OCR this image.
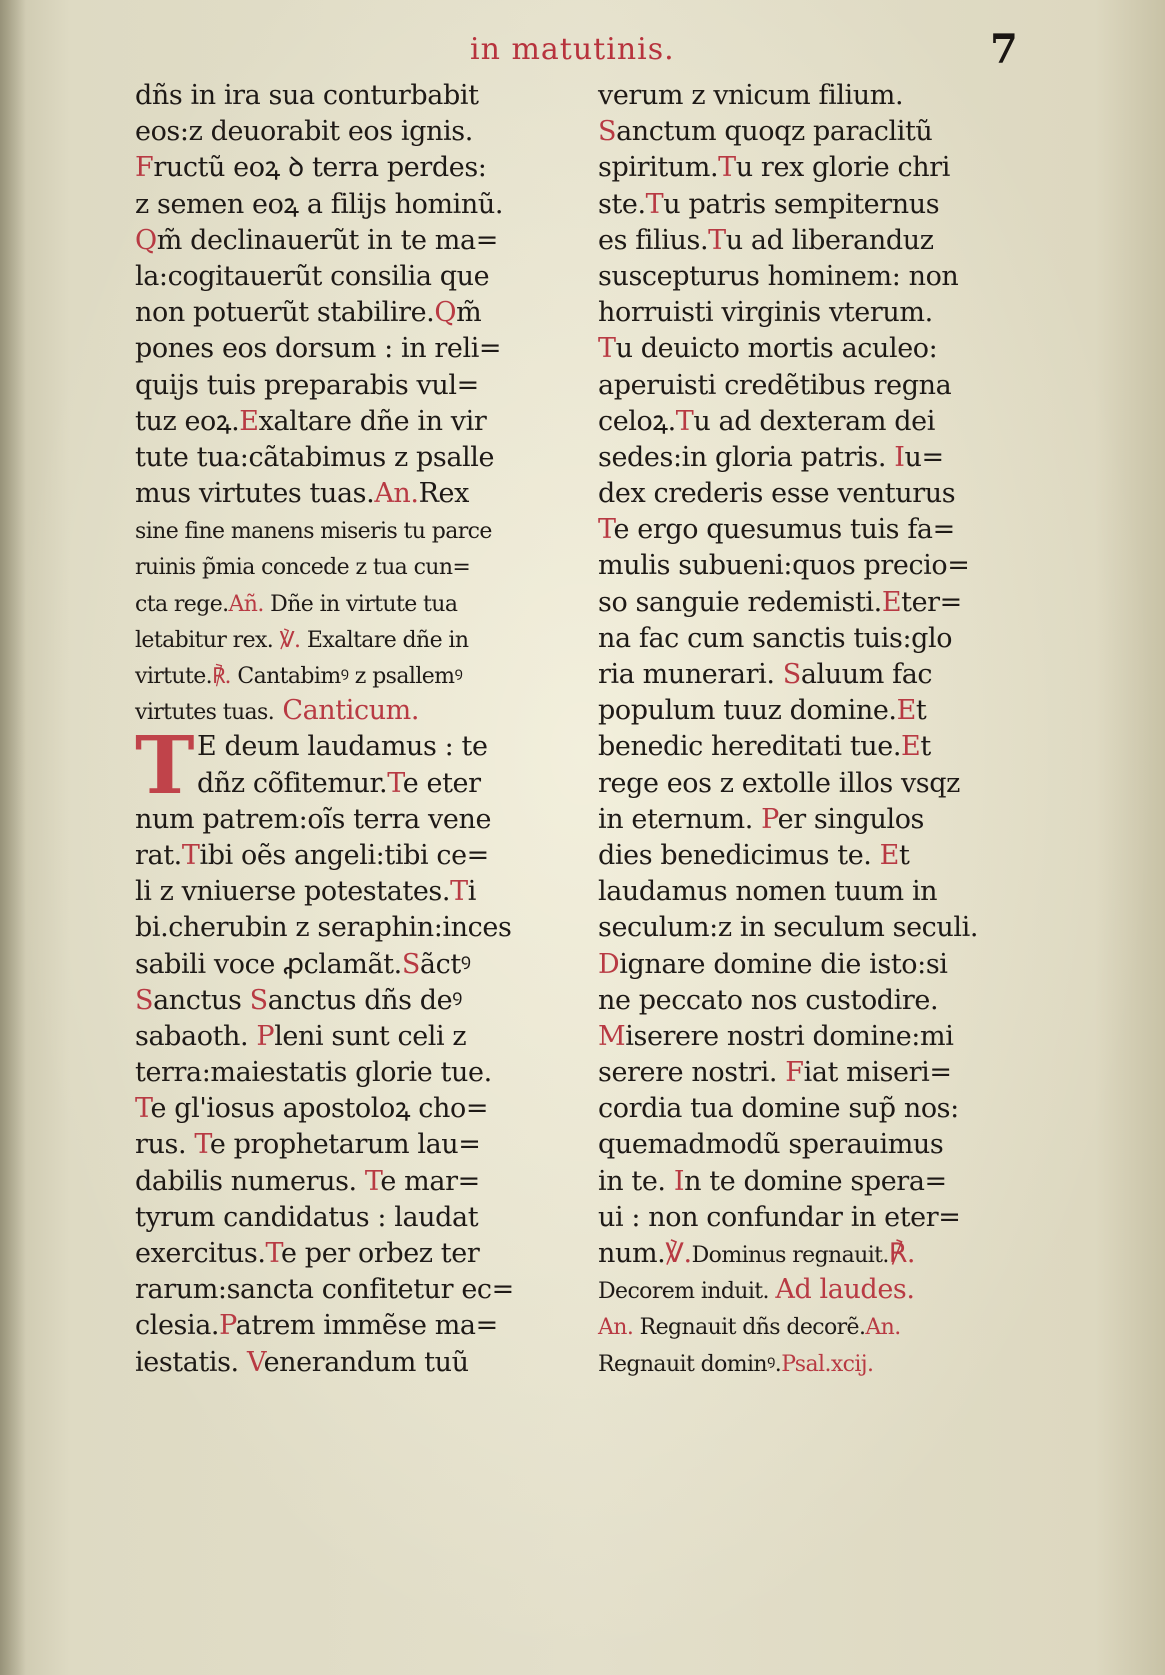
in matutinis.	7
dñs in ira sua conturbabit
eos:z deuorabit eos ignis.
Fructũ eoꝝ ꝺ terra perdes:
z semen eoꝝ a filijs hominũ.
Qm̃ declinauerũt in te ma=
la:cogitauerũt consilia que
non potuerũt stabilire.Qm̃
pones eos dorsum : in reli=
quijs tuis preparabis vul=
tuz eoꝝ.Exaltare dñe in vir
tute tua:cãtabimus z psalle
mus virtutes tuas.An.Rex
sine fine manens miseris tu parce
ruinis p̃mia concede z tua cun=
cta rege.Añ. Dñe in virtute tua
letabitur rex. ℣. Exaltare dñe in
virtute.℟. Cantabimꝰ z psallemꝰ
virtutes tuas. Canticum.
T E deum laudamus : te
dñz cõfitemur.Te eter
num patrem:oĩs terra vene
rat.Tibi oẽs angeli:tibi ce=
li z vniuerse potestates.Ti
bi.cherubin z seraphin:inces
sabili voce ꝓclamãt.Sãctꝰ
Sanctus Sanctus dñs deꝰ
sabaoth. Pleni sunt celi z
terra:maiestatis glorie tue.
Te gl'iosus apostoloꝝ cho=
rus. Te prophetarum lau=
dabilis numerus. Te mar=
tyrum candidatus : laudat
exercitus.Te per orbez ter
rarum:sancta confitetur ec=
clesia.Patrem immẽse ma=
iestatis. Venerandum tuũ
verum z vnicum filium.
Sanctum quoqz paraclitũ
spiritum.Tu rex glorie chri
ste.Tu patris sempiternus
es filius.Tu ad liberanduz
suscepturus hominem: non
horruisti virginis vterum.
Tu deuicto mortis aculeo:
aperuisti credẽtibus regna
celoꝝ.Tu ad dexteram dei
sedes:in gloria patris. Iu=
dex crederis esse venturus
Te ergo quesumus tuis fa=
mulis subueni:quos precio=
so sanguie redemisti.Eter=
na fac cum sanctis tuis:glo
ria munerari. Saluum fac
populum tuuz domine.Et
benedic hereditati tue.Et
rege eos z extolle illos vsqz
in eternum. Per singulos
dies benedicimus te. Et
laudamus nomen tuum in
seculum:z in seculum seculi.
Dignare domine die isto:si
ne peccato nos custodire.
Miserere nostri domine:mi
serere nostri. Fiat miseri=
cordia tua domine sup̃ nos:
quemadmodũ sperauimus
in te. In te domine spera=
ui : non confundar in eter=
num.℣.Dominus regnauit.℟.
Decorem induit. Ad laudes.
An. Regnauit dñs decorẽ.An.
Regnauit dominꝰ.Psal.xcij.
